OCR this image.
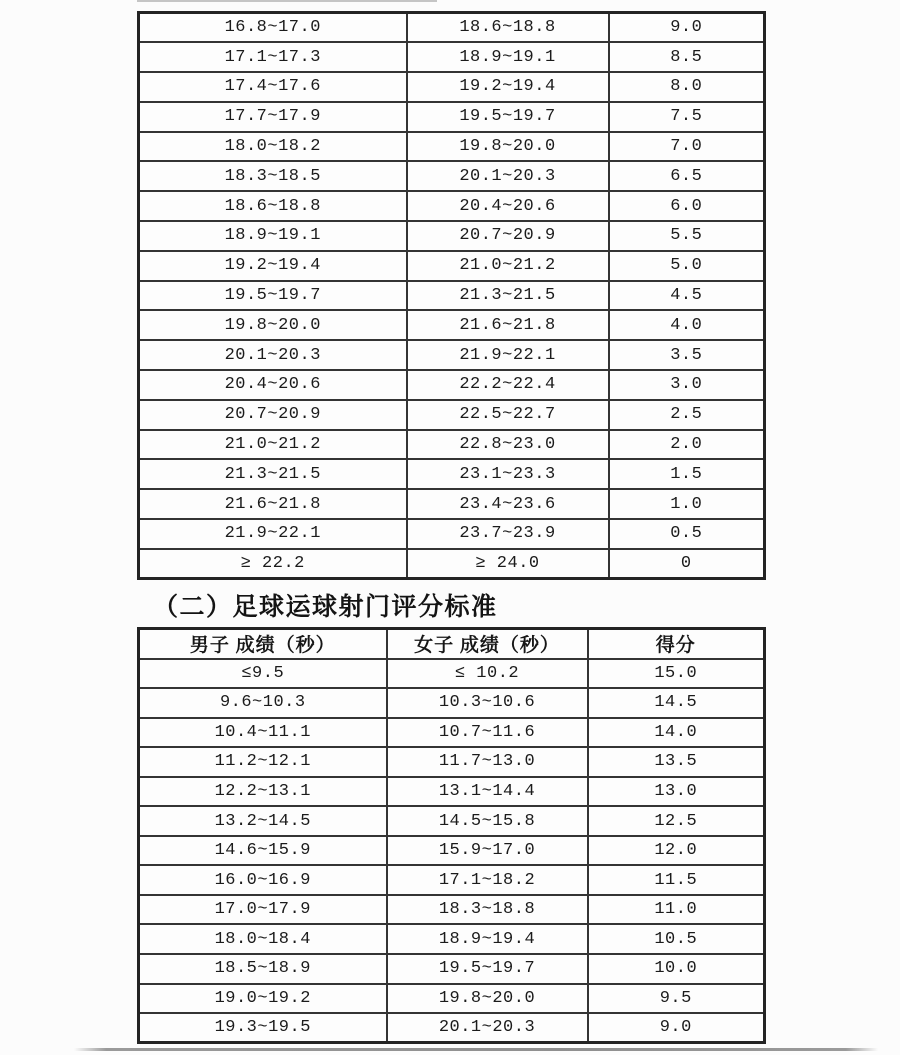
16.8~17.0	18.6~18.8	9.0
17.1~17.3	18.9~19.1	8.5
17.4~17.6	19.2~19.4	8.0
17.7~17.9	19.5~19.7	7.5
18.0~18.2	19.8~20.0	7.0
18.3~18.5	20.1~20.3	6.5
18.6~18.8	20.4~20.6	6.0
18.9~19.1	20.7~20.9	5.5
19.2~19.4	21.0~21.2	5.0
19.5~19.7	21.3~21.5	4.5
19.8~20.0	21.6~21.8	4.0
20.1~20.3	21.9~22.1	3.5
20.4~20.6	22.2~22.4	3.0
20.7~20.9	22.5~22.7	2.5
21.0~21.2	22.8~23.0	2.0
21.3~21.5	23.1~23.3	1.5
21.6~21.8	23.4~23.6	1.0
21.9~22.1	23.7~23.9	0.5
≥ 22.2	≥ 24.0	0
（二）足球运球射门评分标准
男子 成绩（秒）	女子 成绩（秒）	得分
≤9.5	≤ 10.2	15.0
9.6~10.3	10.3~10.6	14.5
10.4~11.1	10.7~11.6	14.0
11.2~12.1	11.7~13.0	13.5
12.2~13.1	13.1~14.4	13.0
13.2~14.5	14.5~15.8	12.5
14.6~15.9	15.9~17.0	12.0
16.0~16.9	17.1~18.2	11.5
17.0~17.9	18.3~18.8	11.0
18.0~18.4	18.9~19.4	10.5
18.5~18.9	19.5~19.7	10.0
19.0~19.2	19.8~20.0	9.5
19.3~19.5	20.1~20.3	9.0
